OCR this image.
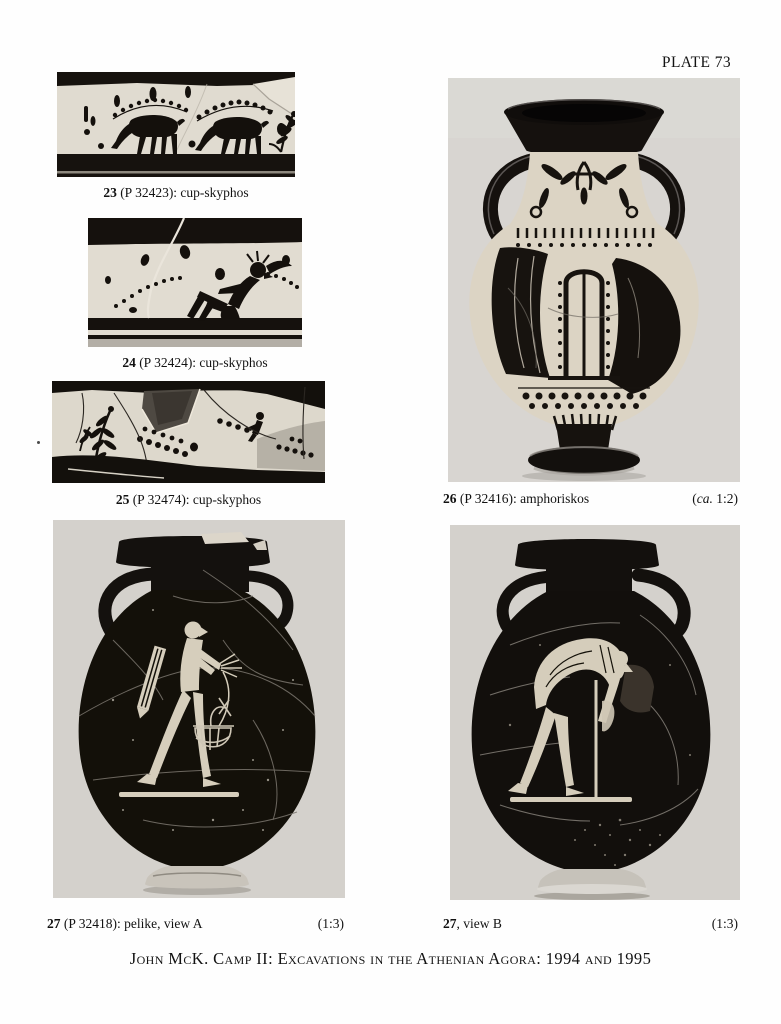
PLATE 73
23 (P 32423): cup-skyphos
24 (P 32424): cup-skyphos
25 (P 32474): cup-skyphos	26 (P 32416): amphoriskos	(ca. 1:2)
27 (P 32418): pelike, view A	(1:3)	27, view B	(1:3)
John McK. Camp II: Excavations in the Athenian Agora: 1994 and 1995
